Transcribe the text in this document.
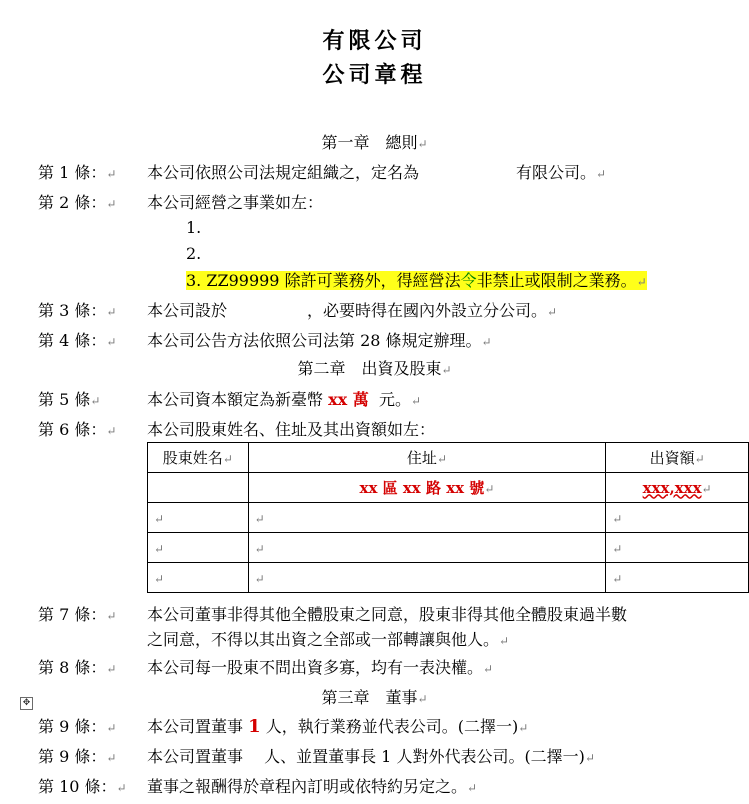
有限公司
公司章程
第一章　總則↵
第 1 條：↵ 本公司依照公司法規定組織之，定名為	有限公司。↵
第 2 條：↵ 本公司經營之事業如左：
1.
2.
3. ZZ99999 除許可業務外，得經營法令非禁止或限制之業務。↵
第 3 條：↵ 本公司設於	，必要時得在國內外設立分公司。↵
第 4 條：↵ 本公司公告方法依照公司法第 28 條規定辦理。↵
第二章　出資及股東↵
第 5 條↵	本公司資本額定為新臺幣 xx 萬 元。↵
第 6 條：↵ 本公司股東姓名、住址及其出資額如左：
股東姓名↵	住址↵	出資額↵
	xx 區 xx 路 xx 號↵	xxx,xxx↵
↵	↵	↵
↵	↵	↵
↵	↵	↵
第 7 條：↵ 本公司董事非得其他全體股東之同意，股東非得其他全體股東過半數
之同意，不得以其出資之全部或一部轉讓與他人。↵
第 8 條：↵ 本公司每一股東不問出資多寡，均有一表決權。↵
✥	第三章　董事↵
第 9 條：↵ 本公司置董事 1 人，執行業務並代表公司。(二擇一)↵
第 9 條：↵ 本公司置董事　 人、並置董事長 1 人對外代表公司。(二擇一)↵
第 10 條：↵ 董事之報酬得於章程內訂明或依特約另定之。↵
